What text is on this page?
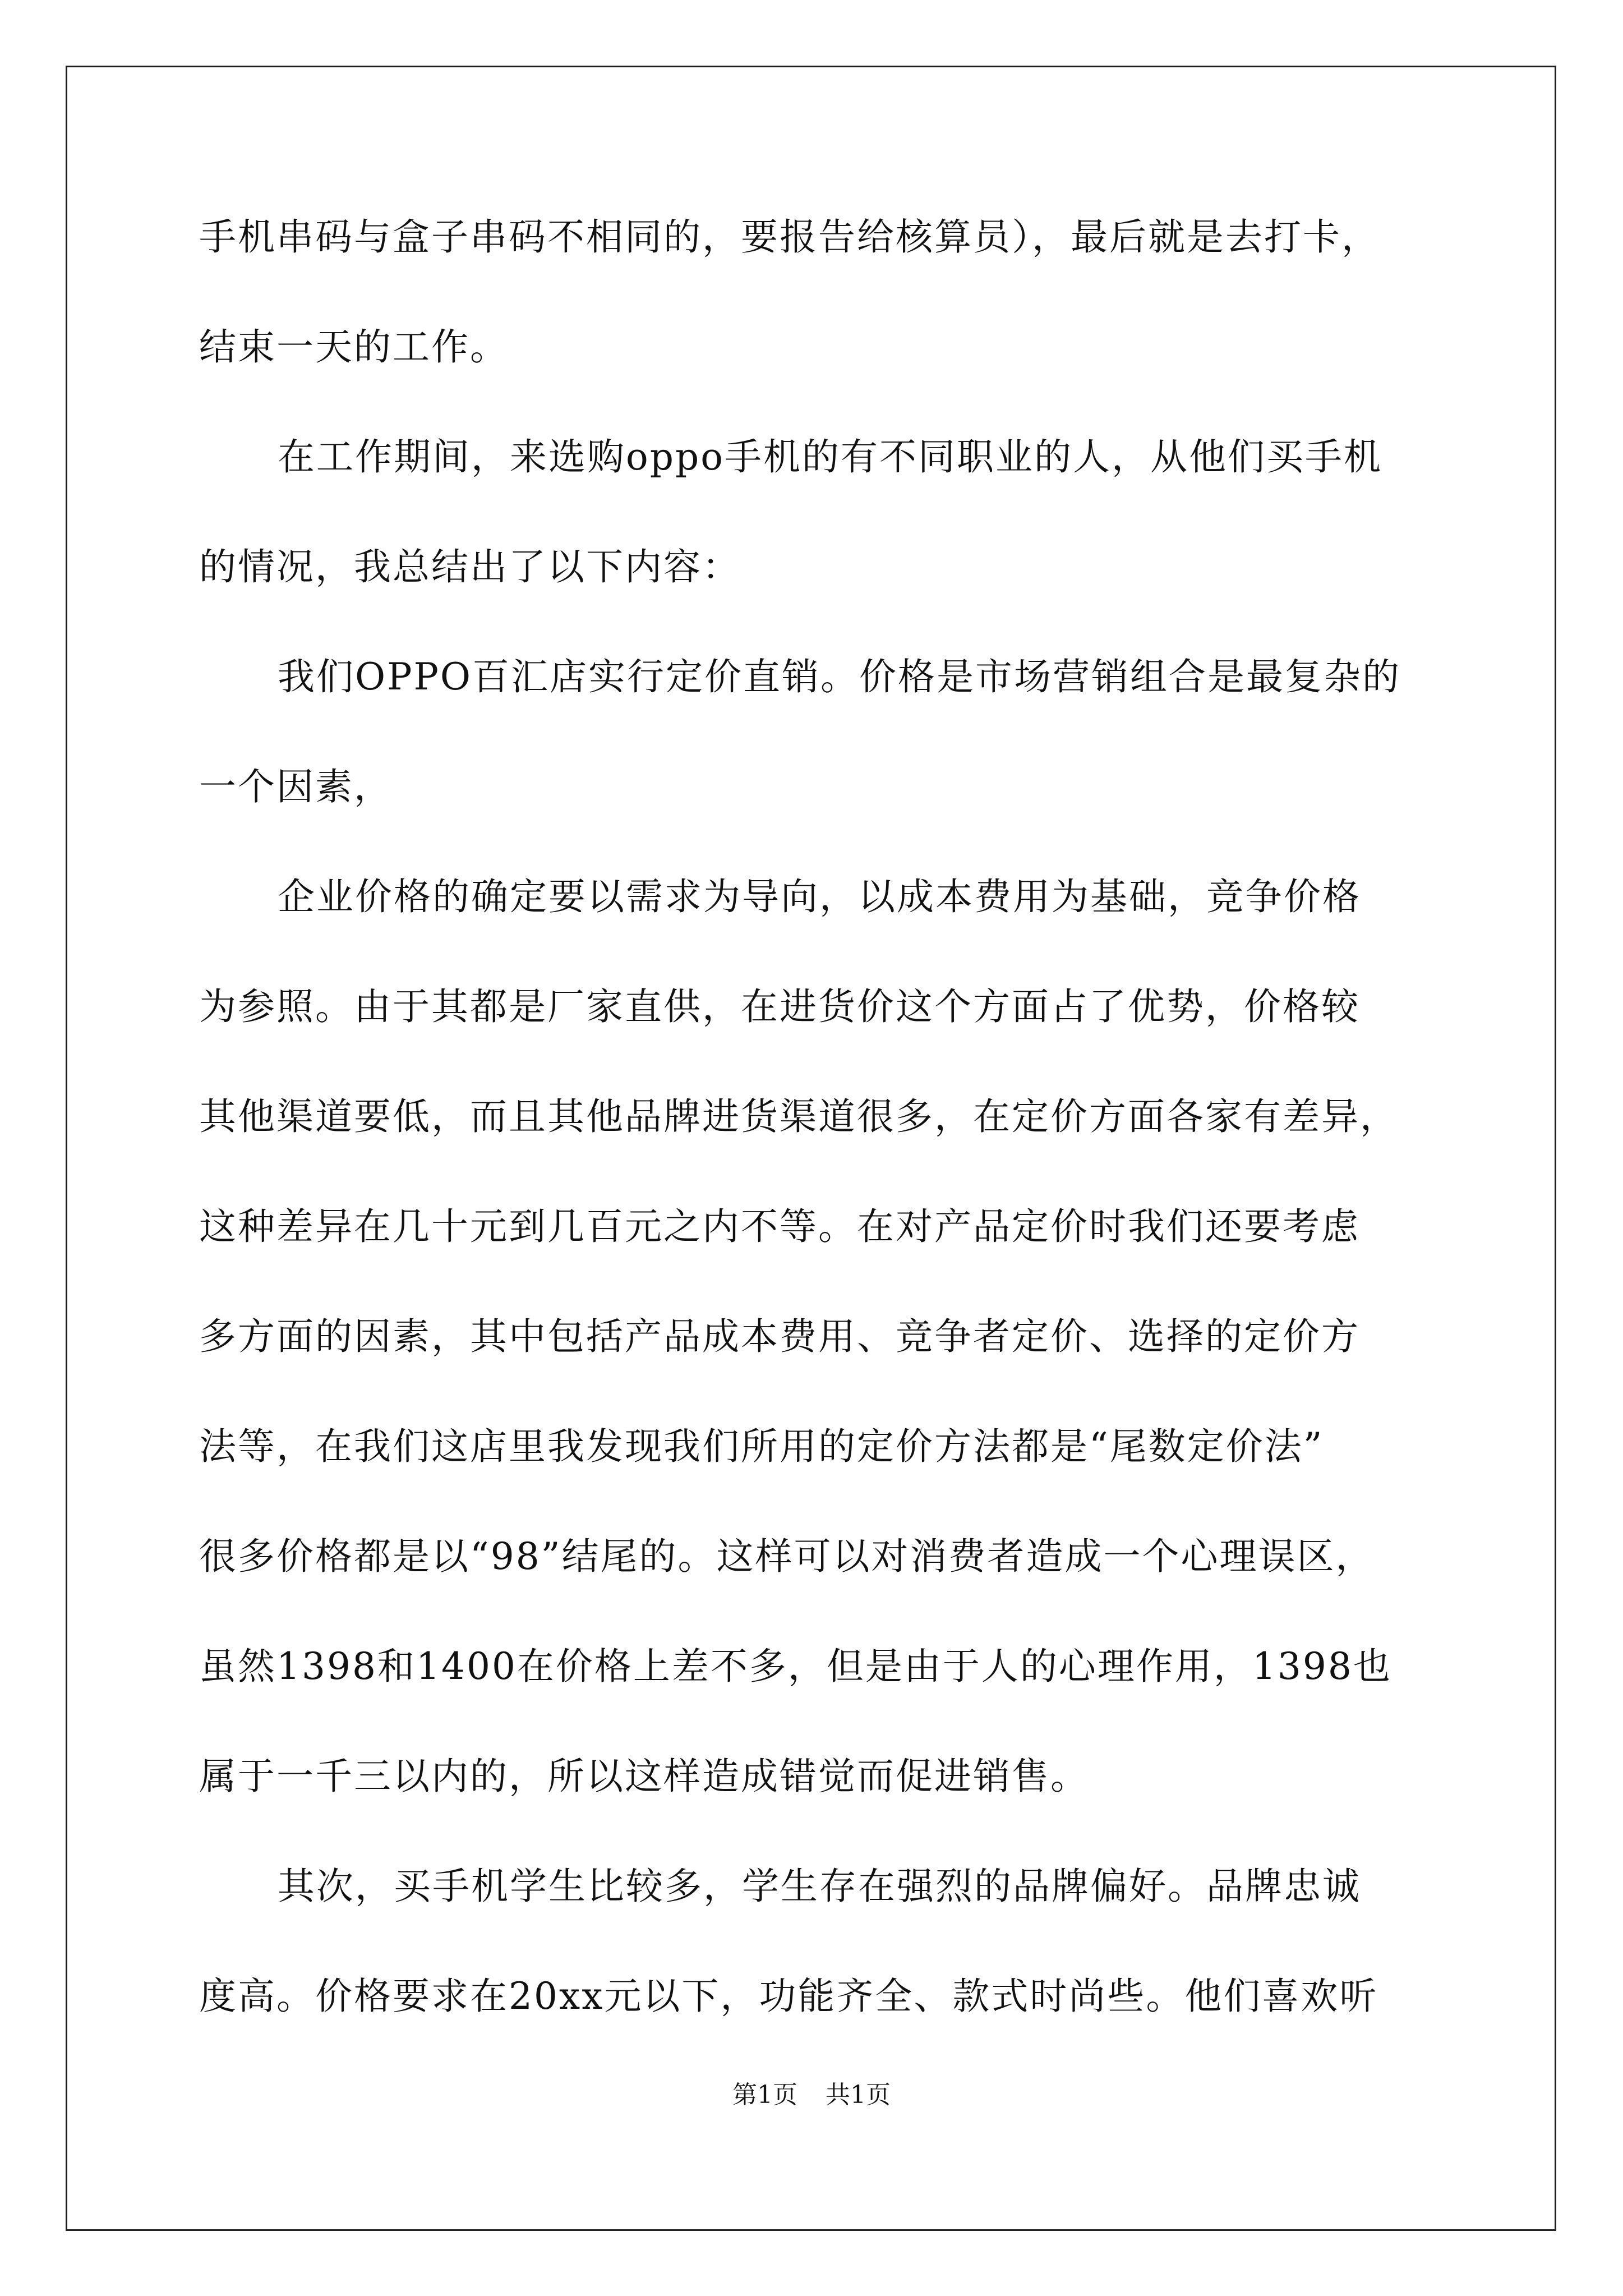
手机串码与盒子串码不相同的，要报告给核算员），最后就是去打卡，
结束一天的工作。
在工作期间，来选购oppo手机的有不同职业的人，从他们买手机
的情况，我总结出了以下内容：
我们OPPO百汇店实行定价直销。价格是市场营销组合是最复杂的
一个因素，
企业价格的确定要以需求为导向，以成本费用为基础，竞争价格
为参照。由于其都是厂家直供，在进货价这个方面占了优势，价格较
其他渠道要低，而且其他品牌进货渠道很多，在定价方面各家有差异，
这种差异在几十元到几百元之内不等。在对产品定价时我们还要考虑
多方面的因素，其中包括产品成本费用、竞争者定价、选择的定价方
法等，在我们这店里我发现我们所用的定价方法都是“尾数定价法”
很多价格都是以“98”结尾的。这样可以对消费者造成一个心理误区，
虽然1398和1400在价格上差不多，但是由于人的心理作用，1398也
属于一千三以内的，所以这样造成错觉而促进销售。
其次，买手机学生比较多，学生存在强烈的品牌偏好。品牌忠诚
度高。价格要求在20xx元以下，功能齐全、款式时尚些。他们喜欢听
第1页 共1页
